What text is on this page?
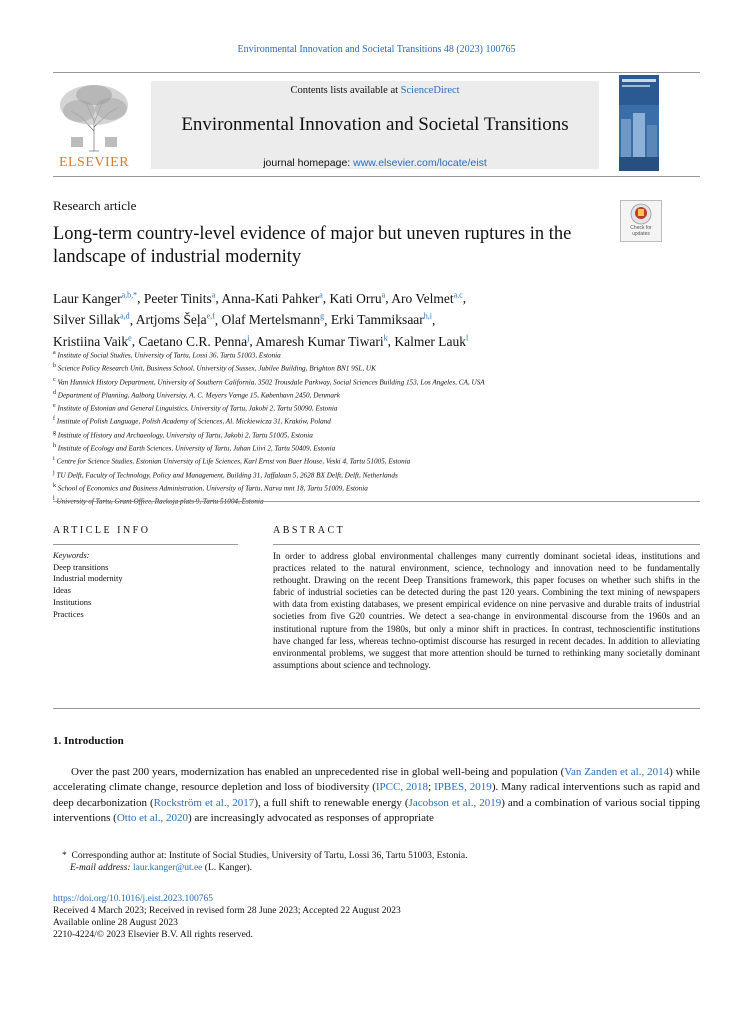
Environmental Innovation and Societal Transitions 48 (2023) 100765
ELSEVIER
Contents lists available at ScienceDirect
Environmental Innovation and Societal Transitions
journal homepage: www.elsevier.com/locate/eist
Research article
Check for
updates
Long-term country-level evidence of major but uneven ruptures in the landscape of industrial modernity
Laur Kanger$^{a,b,*}$, Peeter Tinits$^a$, Anna-Kati Pahker$^a$, Kati Orru$^a$, Aro Velmet$^{a,c}$,
Silver Sillak$^{a,d}$, Artjoms Šeļa$^{e,f}$, Olaf Mertelsmann$^g$, Erki Tammiksaar$^{h,i}$,
Kristiina Vaik$^e$, Caetano C.R. Penna$^j$, Amaresh Kumar Tiwari$^k$, Kalmer Lauk$^l$
$^a$ Institute of Social Studies, University of Tartu, Lossi 36, Tartu 51003, Estonia
$^b$ Science Policy Research Unit, Business School, University of Sussex, Jubilee Building, Brighton BN1 9SL, UK
$^c$ Van Hunnick History Department, University of Southern California, 3502 Trousdale Parkway, Social Sciences Building 153, Los Angeles, CA, USA
$^d$ Department of Planning, Aalborg University, A. C. Meyers Vænge 15, København 2450, Denmark
$^e$ Institute of Estonian and General Linguistics, University of Tartu, Jakobi 2, Tartu 50090, Estonia
$^f$ Institute of Polish Language, Polish Academy of Sciences, Al. Mickiewicza 31, Kraków, Poland
$^g$ Institute of History and Archaeology, University of Tartu, Jakobi 2, Tartu 51005, Estonia
$^h$ Institute of Ecology and Earth Sciences, University of Tartu, Juhan Liivi 2, Tartu 50409, Estonia
$^i$ Centre for Science Studies, Estonian University of Life Sciences, Karl Ernst von Baer House, Veski 4, Tartu 51005, Estonia
$^j$ TU Delft, Faculty of Technology, Policy and Management, Building 31, Jaffalaan 5, 2628 BX Delft, Delft, Netherlands
$^k$ School of Economics and Business Administration, University of Tartu, Narva mnt 18, Tartu 51009, Estonia
$^l$
ARTICLE INFO
Keywords:
Deep transitions
Industrial modernity
Ideas
Institutions
Practices
ABSTRACT
In order to address global environmental challenges many currently dominant societal ideas, institutions and practices related to the natural environment, science, technology and innovation need to be fundamentally rethought. Drawing on the recent Deep Transitions framework, this paper focuses on whether such shifts in the fabric of industrial societies can be detected during the past 120 years. Combining the text mining of newspapers with data from existing databases, we present empirical evidence on nine pervasive and durable traits of industrial societies from five G20 countries. We detect a sea-change in environmental discourse from the 1960s and an institutional rupture from the 1980s, but only a minor shift in practices. In contrast, technoscientific institutions have changed far less, whereas techno-optimist discourse has resurged in recent decades. In addition to alleviating environmental problems, we suggest that more attention should be turned to rethinking many societally dominant assumptions about science and technology.
1. Introduction
Over the past 200 years, modernization has enabled an unprecedented rise in global well-being and population (Van Zanden et al., 2014) while accelerating climate change, resource depletion and loss of biodiversity (IPCC, 2018; IPBES, 2019). Many radical interventions such as rapid and deep decarbonization (Rockström et al., 2017), a full shift to renewable energy (Jacobson et al., 2019) and a combination of various social tipping interventions (Otto et al., 2020) are increasingly advocated as responses of appropriate
* Corresponding author at: Institute of Social Studies, University of Tartu, Lossi 36, Tartu 51003, Estonia.
E-mail address: laur.kanger@ut.ee (L. Kanger).
https://doi.org/10.1016/j.eist.2023.100765
Received 4 March 2023; Received in revised form 28 June 2023; Accepted 22 August 2023
Available online 28 August 2023
2210-4224/© 2023 Elsevier B.V. All rights reserved.
